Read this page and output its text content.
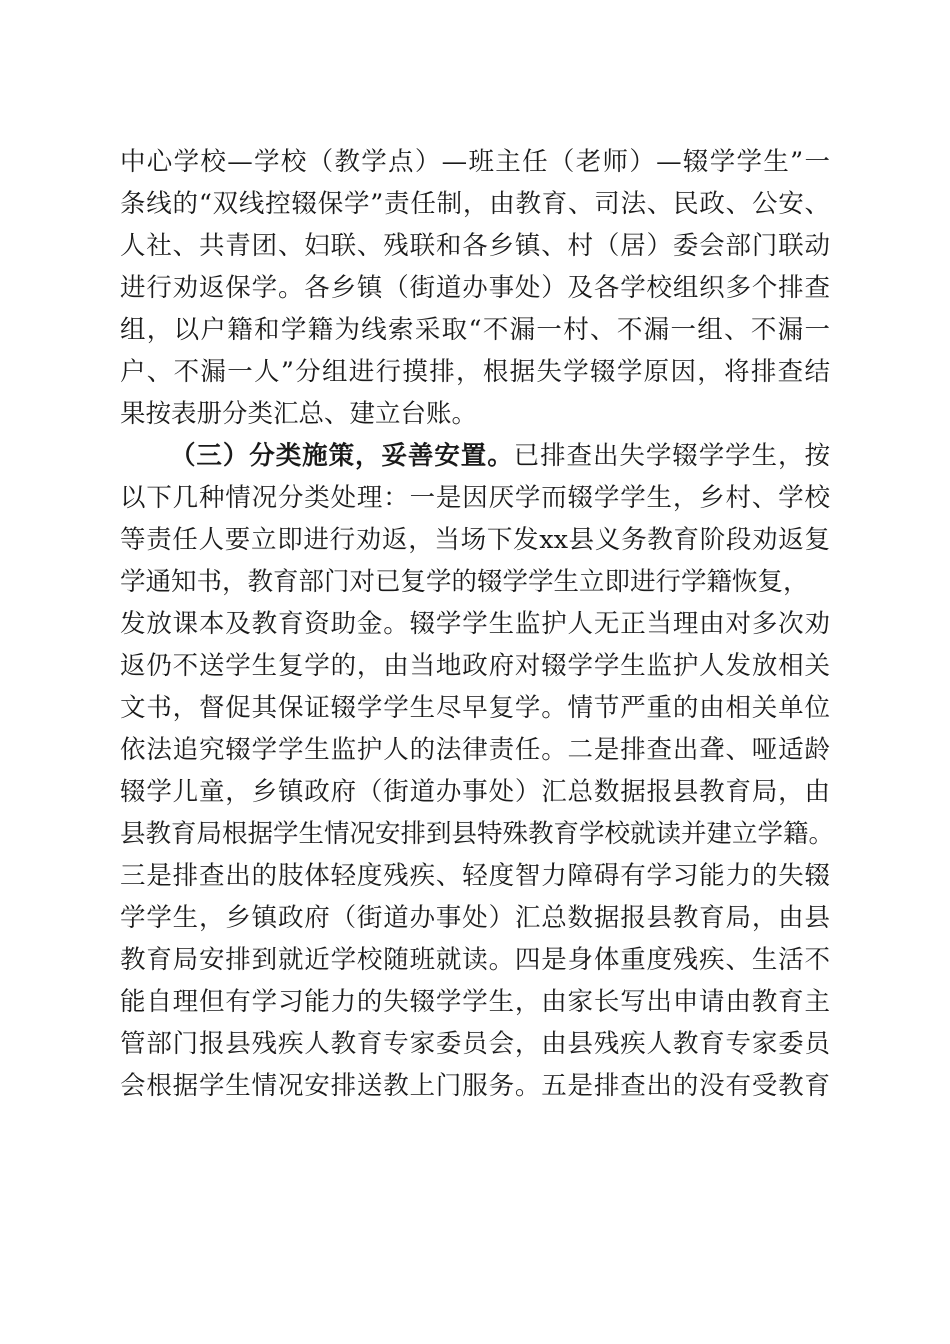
中心学校—学校（教学点）—班主任（老师）—辍学学生”一
条线的“双线控辍保学”责任制，由教育、司法、民政、公安、
人社、共青团、妇联、残联和各乡镇、村（居）委会部门联动
进行劝返保学。各乡镇（街道办事处）及各学校组织多个排查
组，以户籍和学籍为线索采取“不漏一村、不漏一组、不漏一
户、不漏一人”分组进行摸排，根据失学辍学原因，将排查结
果按表册分类汇总、建立台账。
（三）分类施策，妥善安置。已排查出失学辍学学生，按
以下几种情况分类处理：一是因厌学而辍学学生，乡村、学校
等责任人要立即进行劝返，当场下发xx县义务教育阶段劝返复
学通知书，教育部门对已复学的辍学学生立即进行学籍恢复，
发放课本及教育资助金。辍学学生监护人无正当理由对多次劝
返仍不送学生复学的，由当地政府对辍学学生监护人发放相关
文书，督促其保证辍学学生尽早复学。情节严重的由相关单位
依法追究辍学学生监护人的法律责任。二是排查出聋、哑适龄
辍学儿童，乡镇政府（街道办事处）汇总数据报县教育局，由
县教育局根据学生情况安排到县特殊教育学校就读并建立学籍。
三是排查出的肢体轻度残疾、轻度智力障碍有学习能力的失辍
学学生，乡镇政府（街道办事处）汇总数据报县教育局，由县
教育局安排到就近学校随班就读。四是身体重度残疾、生活不
能自理但有学习能力的失辍学学生，由家长写出申请由教育主
管部门报县残疾人教育专家委员会，由县残疾人教育专家委员
会根据学生情况安排送教上门服务。五是排查出的没有受教育
